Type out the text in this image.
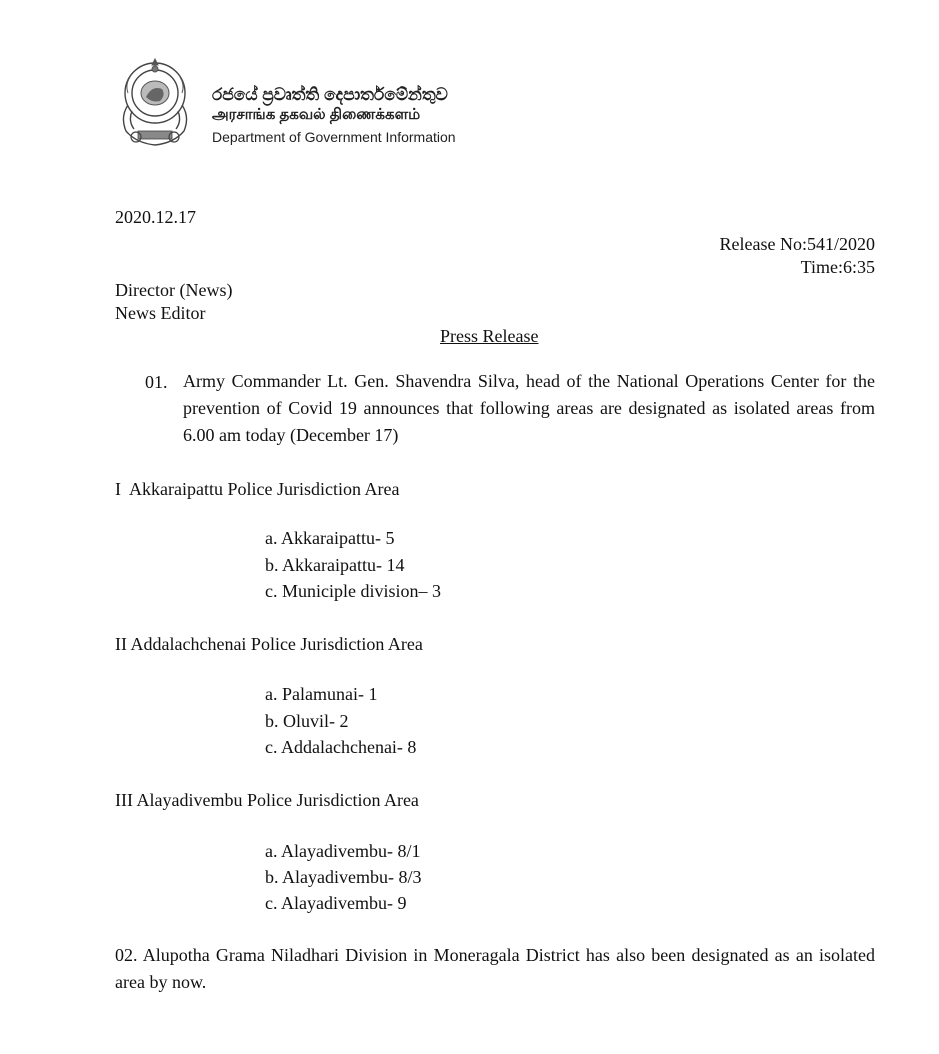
රජයේ ප්‍රවෘත්ති දෙපාර්තමේන්තුව
அரசாங்க தகவல் திணைக்களம்
Department of Government Information
2020.12.17
Release No:541/2020
Time:6:35
Director (News)
News Editor
Press Release
01. Army Commander Lt. Gen. Shavendra Silva, head of the National Operations Center for the prevention of Covid 19 announces that following areas are designated as isolated areas from 6.00 am today (December 17)
I  Akkaraipattu Police Jurisdiction Area
a. Akkaraipattu- 5
b. Akkaraipattu- 14
c. Municiple division– 3
II Addalachchenai Police Jurisdiction Area
a. Palamunai- 1
b. Oluvil- 2
c. Addalachchenai- 8
III Alayadivembu Police Jurisdiction Area
a. Alayadivembu- 8/1
b. Alayadivembu- 8/3
c. Alayadivembu- 9
02. Alupotha Grama Niladhari Division in Moneragala District has also been designated as an isolated area by now.
